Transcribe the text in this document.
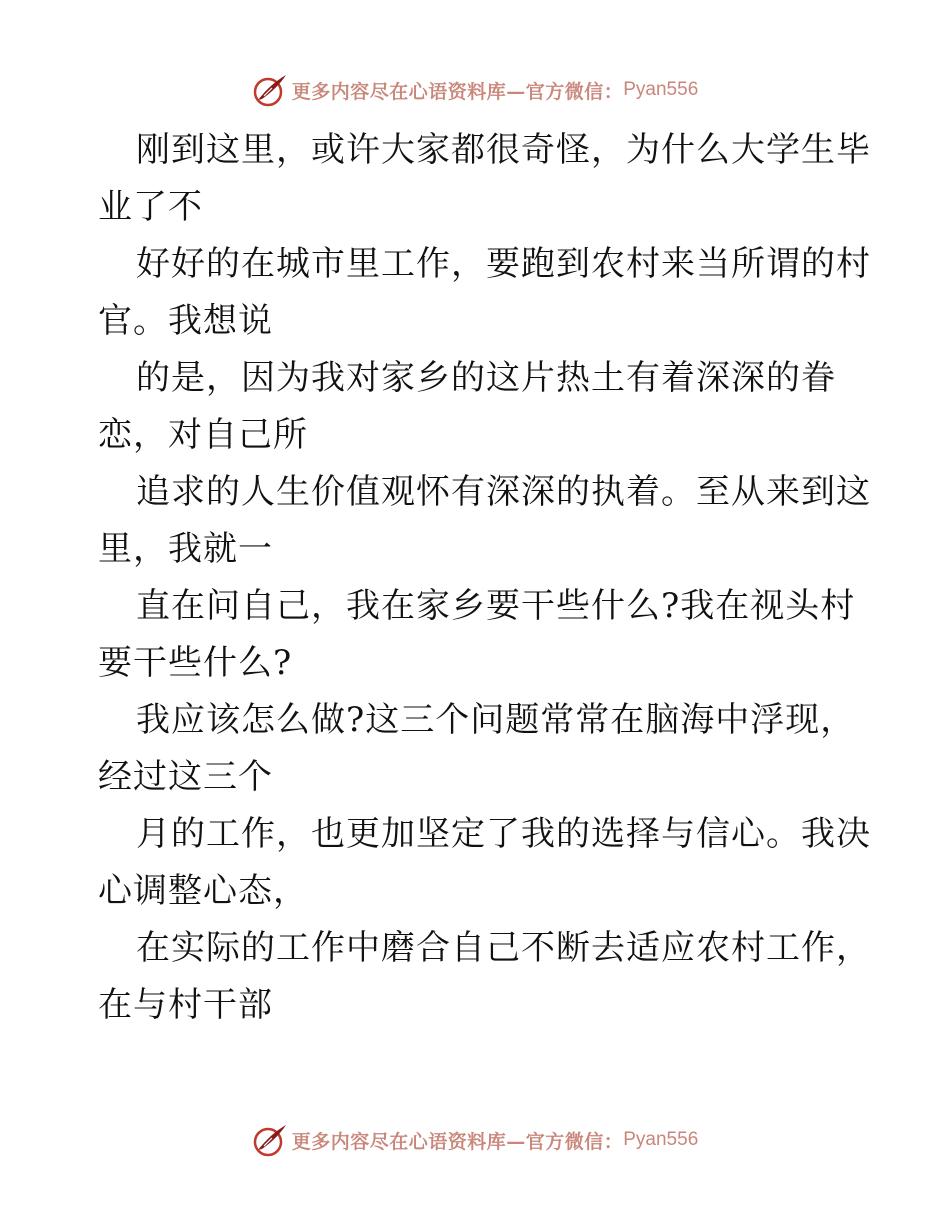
更多内容尽在心语资料库—官方微信： Pyan556
刚到这里，或许大家都很奇怪，为什么大学生毕
业了不
好好的在城市里工作，要跑到农村来当所谓的村
官。我想说
的是，因为我对家乡的这片热土有着深深的眷
恋，对自己所
追求的人生价值观怀有深深的执着。至从来到这
里，我就一
直在问自己，我在家乡要干些什么?我在视头村
要干些什么?
我应该怎么做?这三个问题常常在脑海中浮现，
经过这三个
月的工作，也更加坚定了我的选择与信心。我决
心调整心态，
在实际的工作中磨合自己不断去适应农村工作，
在与村干部
更多内容尽在心语资料库—官方微信： Pyan556
